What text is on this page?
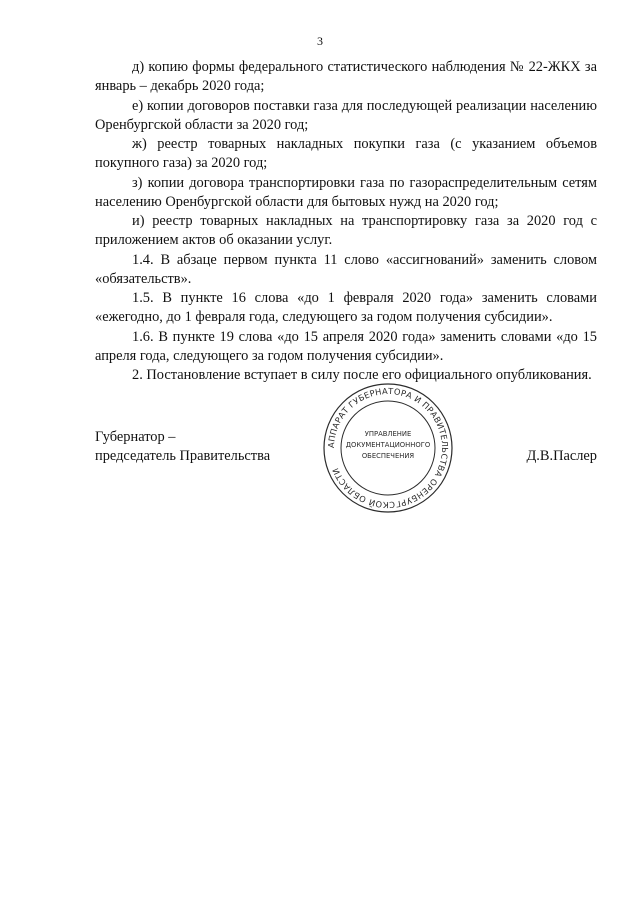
3

д) копию формы федерального статистического наблюдения № 22-ЖКХ за январь – декабрь 2020 года;

е) копии договоров поставки газа для последующей реализации населению Оренбургской области за 2020 год;

ж) реестр товарных накладных покупки газа (с указанием объемов покупного газа) за 2020 год;

з) копии договора транспортировки газа по газораспределительным сетям населению Оренбургской области для бытовых нужд на 2020 год;

и) реестр товарных накладных на транспортировку газа за 2020 год с приложением актов об оказании услуг.

1.4. В абзаце первом пункта 11 слово «ассигнований» заменить словом «обязательств».

1.5. В пункте 16 слова «до 1 февраля 2020 года» заменить словами «ежегодно, до 1 февраля года, следующего за годом получения субсидии».

1.6. В пункте 19 слова «до 15 апреля 2020 года» заменить словами «до 15 апреля года, следующего за годом получения субсидии».

2. Постановление вступает в силу после его официального опубликования.

Губернатор –
председатель Правительства	Д.В.Паслер
АППАРАТ ГУБЕРНАТОРА И ПРАВИТЕЛЬСТВА ОРЕНБУРГСКОЙ ОБЛАСТИ
УПРАВЛЕНИЕ
ДОКУМЕНТАЦИОННОГО
ОБЕСПЕЧЕНИЯ
